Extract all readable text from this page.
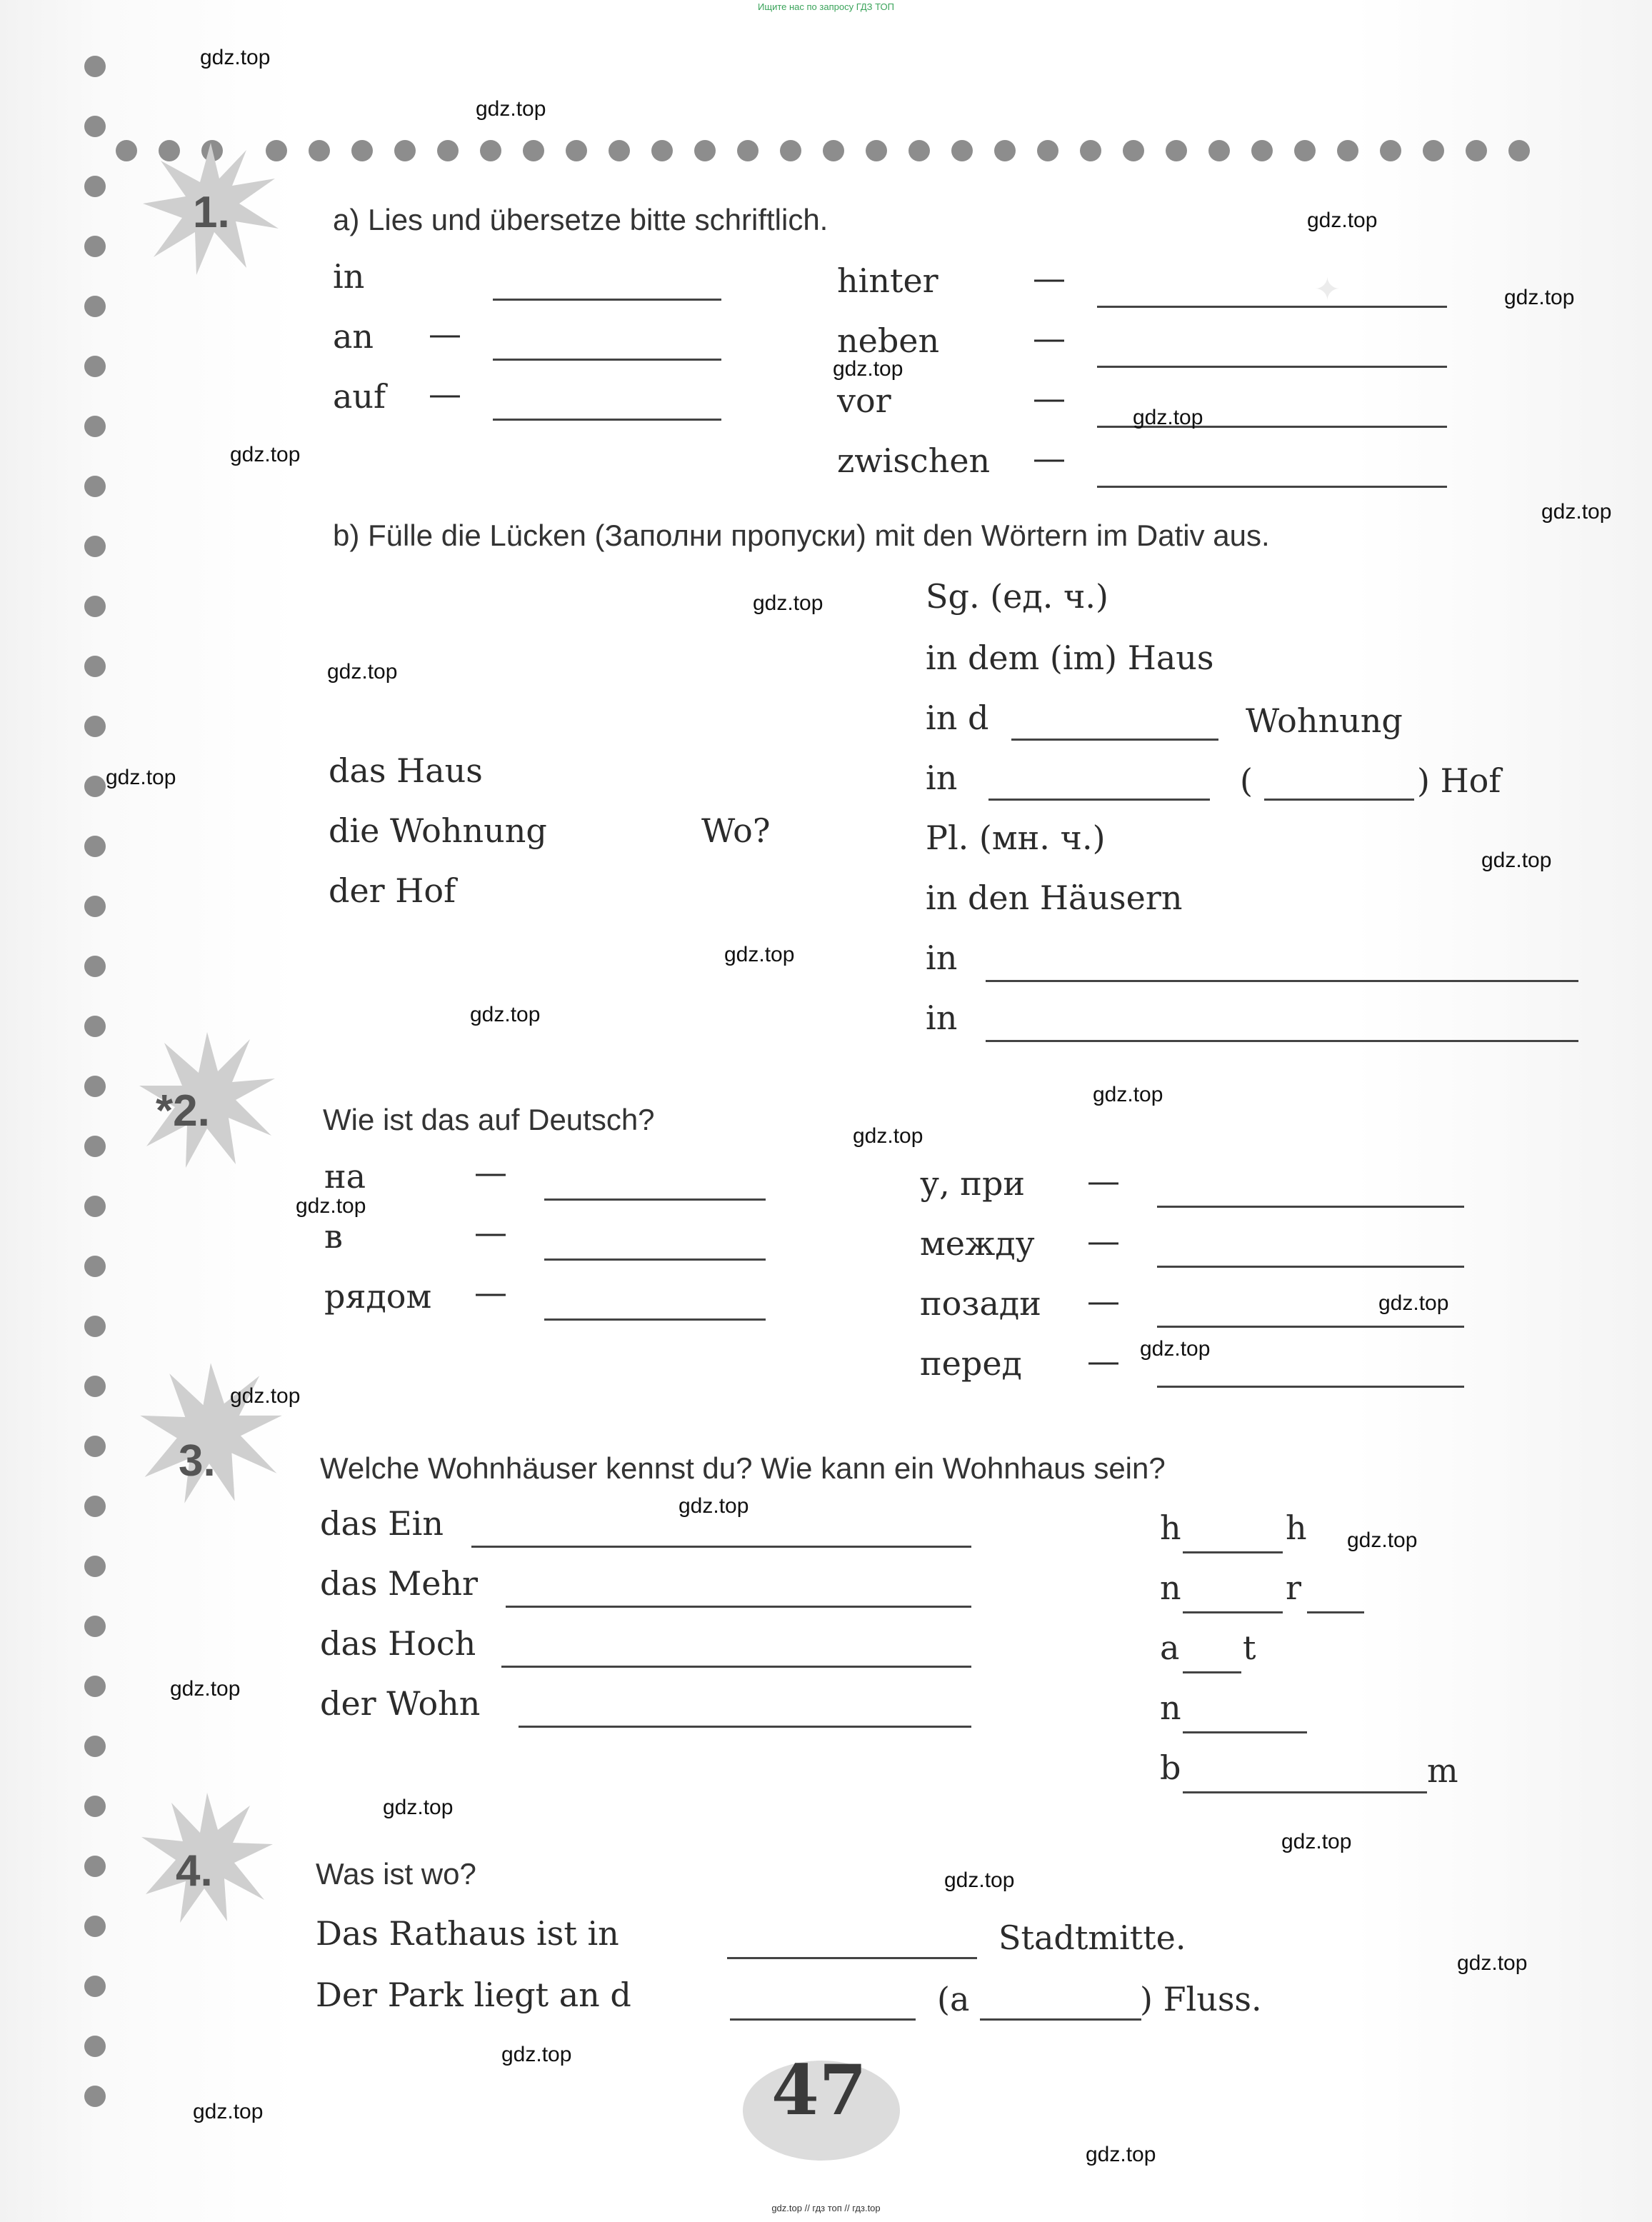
Ищите нас по запросу ГДЗ ТОП
✦
1.	a) Lies und übersetze bitte schriftlich.
in
an —
auf —
hinter	—
neben	—
vor	—
zwischen —
b) Fülle die Lücken (Заполни пропуски) mit den Wörtern im Dativ aus.
Sg. (ед. ч.)
in dem (im) Haus
in d	Wohnung
in	(	) Hof
das Haus
die Wohnung	Wo?
der Hof
Pl. (мн. ч.)
in den Häusern
in
in
*2.	Wie ist das auf Deutsch?
на	—
в	—
рядом —
у, при —
между —
позади —
перед —
3.	Welche Wohnhäuser kennst du? Wie kann ein Wohnhaus sein?
das Ein
das Mehr
das Hoch
der Wohn
h	h
n	r
a t
n
b	m
4.	Was ist wo?
Das Rathaus ist in	Stadtmitte.
Der Park liegt an d	(a	) Fluss.
47
gdz.top
gdz.top
gdz.top
gdz.top
gdz.top
gdz.top
gdz.top
gdz.top
gdz.top
gdz.top
gdz.top
gdz.top
gdz.top
gdz.top
gdz.top
gdz.top
gdz.top
gdz.top
gdz.top
gdz.top
gdz.top
gdz.top
gdz.top
gdz.top
gdz.top
gdz.top
gdz.top
gdz.top
gdz.top
gdz.top
gdz.top // гдз топ // гдз.top
